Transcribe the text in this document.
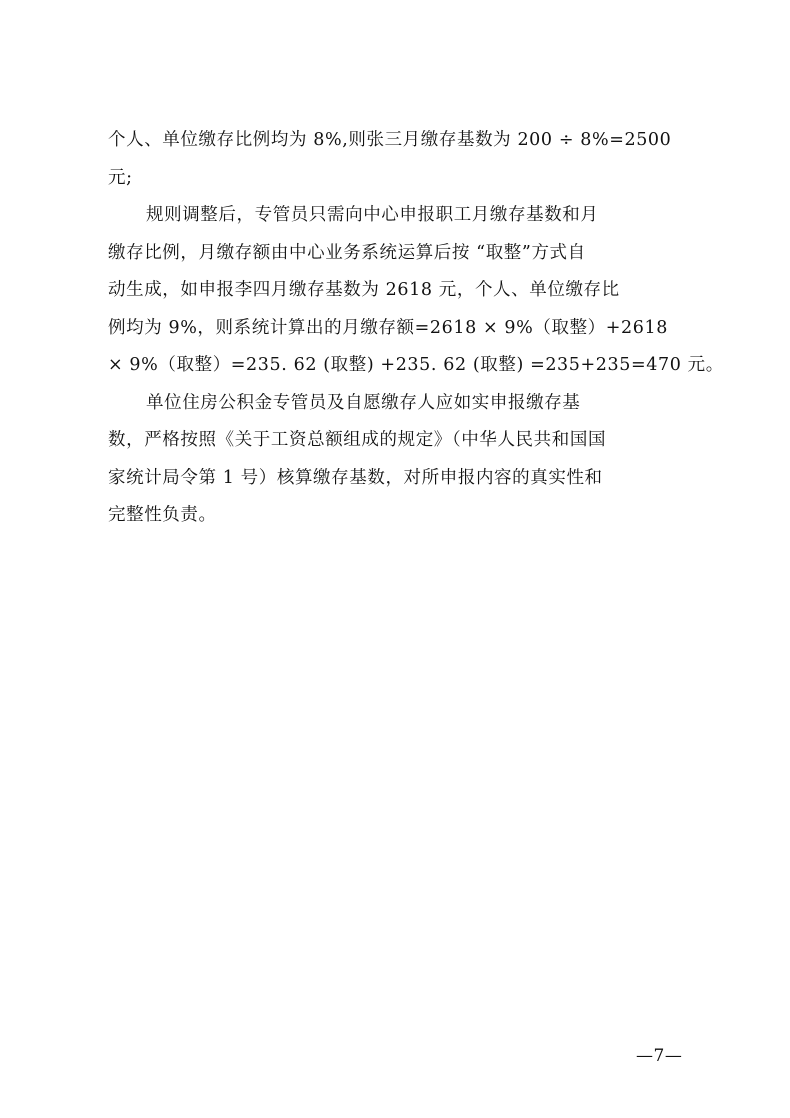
个人、单位缴存比例均为 8%,则张三月缴存基数为 200 ÷ 8%=2500
元;
规则调整后，专管员只需向中心申报职工月缴存基数和月
缴存比例，月缴存额由中心业务系统运算后按 “取整”方式自
动生成，如申报李四月缴存基数为 2618 元，个人、单位缴存比
例均为 9%，则系统计算出的月缴存额=2618 × 9%（取整）+2618
× 9%（取整）=235. 62 (取整) +235. 62 (取整) =235+235=470 元。
单位住房公积金专管员及自愿缴存人应如实申报缴存基
数，严格按照《关于工资总额组成的规定》（中华人民共和国国
家统计局令第 1 号）核算缴存基数，对所申报内容的真实性和
完整性负责。
—7—
